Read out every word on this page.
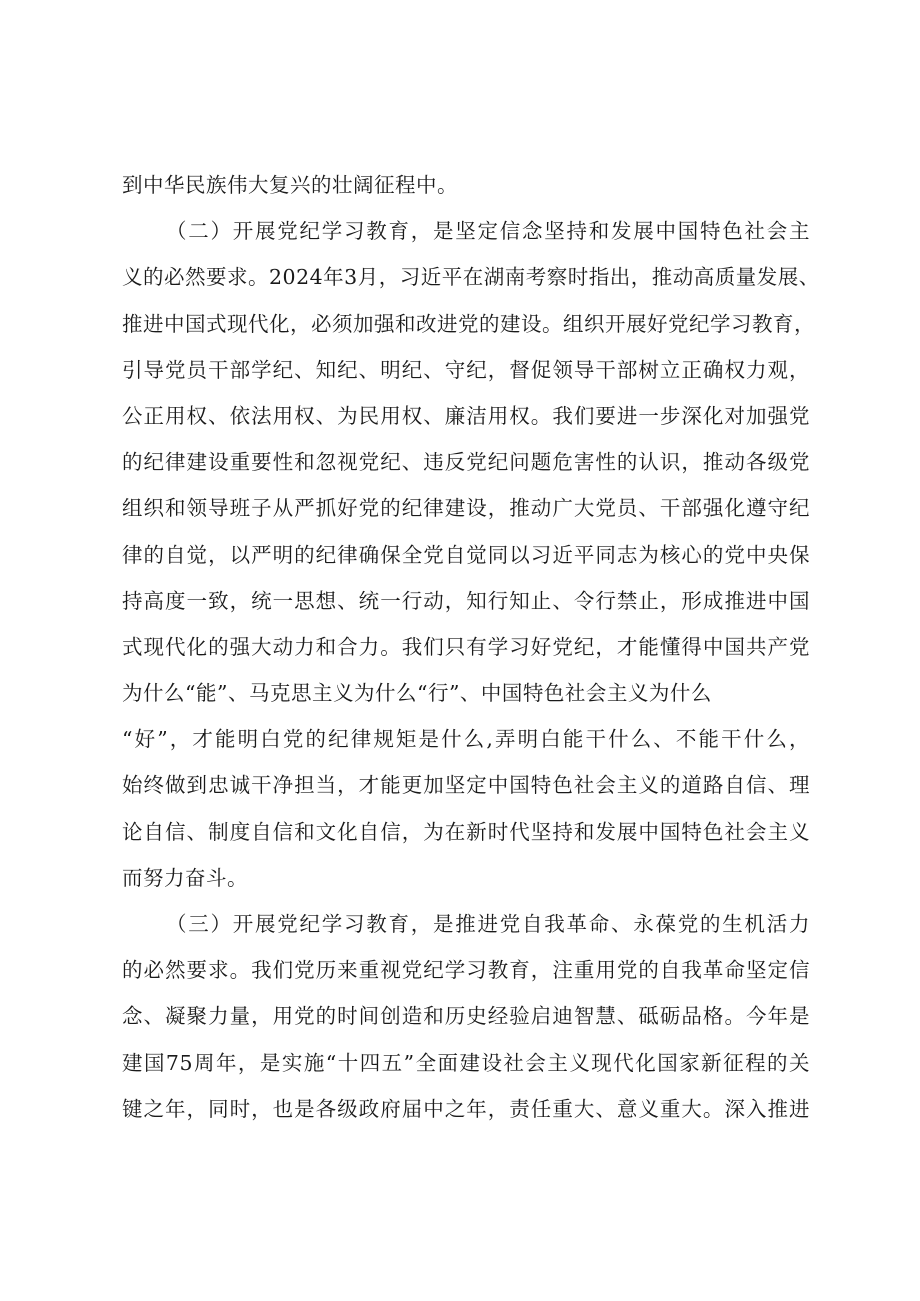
到中华民族伟大复兴的壮阔征程中。
（二）开展党纪学习教育，是坚定信念坚持和发展中国特色社会主
义的必然要求。2024年3月，习近平在湖南考察时指出，推动高质量发展、
推进中国式现代化，必须加强和改进党的建设。组织开展好党纪学习教育，
引导党员干部学纪、知纪、明纪、守纪，督促领导干部树立正确权力观，
公正用权、依法用权、为民用权、廉洁用权。我们要进一步深化对加强党
的纪律建设重要性和忽视党纪、违反党纪问题危害性的认识，推动各级党
组织和领导班子从严抓好党的纪律建设，推动广大党员、干部强化遵守纪
律的自觉，以严明的纪律确保全党自觉同以习近平同志为核心的党中央保
持高度一致，统一思想、统一行动，知行知止、令行禁止，形成推进中国
式现代化的强大动力和合力。我们只有学习好党纪，才能懂得中国共产党
为什么“能”、马克思主义为什么“行”、中国特色社会主义为什么
“好”，才能明白党的纪律规矩是什么,弄明白能干什么、不能干什么，
始终做到忠诚干净担当，才能更加坚定中国特色社会主义的道路自信、理
论自信、制度自信和文化自信，为在新时代坚持和发展中国特色社会主义
而努力奋斗。
（三）开展党纪学习教育，是推进党自我革命、永葆党的生机活力
的必然要求。我们党历来重视党纪学习教育，注重用党的自我革命坚定信
念、凝聚力量，用党的时间创造和历史经验启迪智慧、砥砺品格。今年是
建国75周年，是实施“十四五”全面建设社会主义现代化国家新征程的关
键之年，同时，也是各级政府届中之年，责任重大、意义重大。深入推进
